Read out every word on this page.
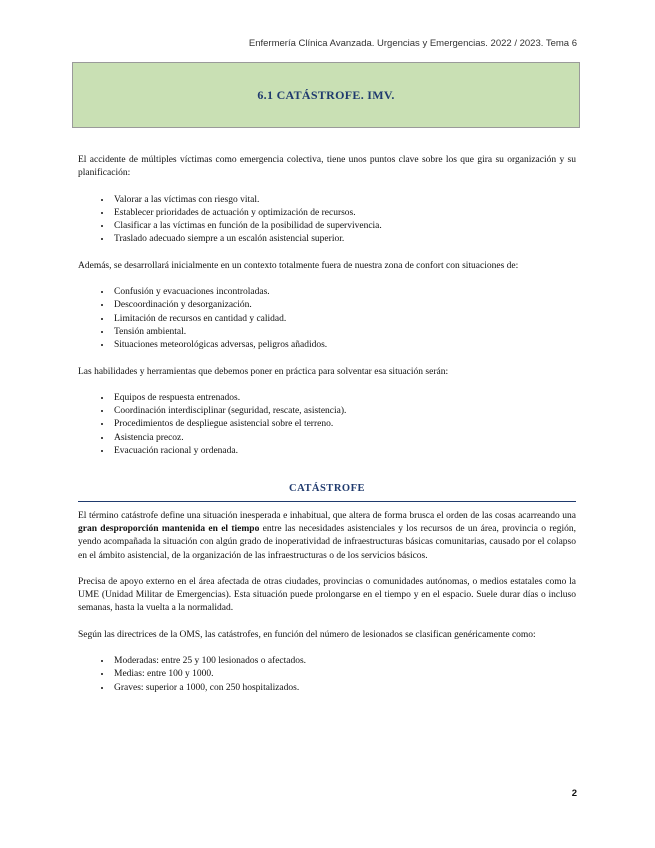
Enfermería Clínica Avanzada. Urgencias y Emergencias. 2022 / 2023. Tema 6
6.1 CATÁSTROFE. IMV.

El accidente de múltiples víctimas como emergencia colectiva, tiene unos puntos clave sobre los que gira su organización y su planificación:

• Valorar a las víctimas con riesgo vital.
• Establecer prioridades de actuación y optimización de recursos.
• Clasificar a las víctimas en función de la posibilidad de supervivencia.
• Traslado adecuado siempre a un escalón asistencial superior.

Además, se desarrollará inicialmente en un contexto totalmente fuera de nuestra zona de confort con situaciones de:

• Confusión y evacuaciones incontroladas.
• Descoordinación y desorganización.
• Limitación de recursos en cantidad y calidad.
• Tensión ambiental.
• Situaciones meteorológicas adversas, peligros añadidos.

Las habilidades y herramientas que debemos poner en práctica para solventar esa situación serán:

• Equipos de respuesta entrenados.
• Coordinación interdisciplinar (seguridad, rescate, asistencia).
• Procedimientos de despliegue asistencial sobre el terreno.
• Asistencia precoz.
• Evacuación racional y ordenada.
CATÁSTROFE

El término catástrofe define una situación inesperada e inhabitual, que altera de forma brusca el orden de las cosas acarreando una gran desproporción mantenida en el tiempo entre las necesidades asistenciales y los recursos de un área, provincia o región, yendo acompañada la situación con algún grado de inoperatividad de infraestructuras básicas comunitarias, causado por el colapso en el ámbito asistencial, de la organización de las infraestructuras o de los servicios básicos.

Precisa de apoyo externo en el área afectada de otras ciudades, provincias o comunidades autónomas, o medios estatales como la UME (Unidad Militar de Emergencias). Esta situación puede prolongarse en el tiempo y en el espacio. Suele durar días o incluso semanas, hasta la vuelta a la normalidad.

Según las directrices de la OMS, las catástrofes, en función del número de lesionados se clasifican genéricamente como:

• Moderadas: entre 25 y 100 lesionados o afectados.
• Medias: entre 100 y 1000.
• Graves: superior a 1000, con 250 hospitalizados.
2
